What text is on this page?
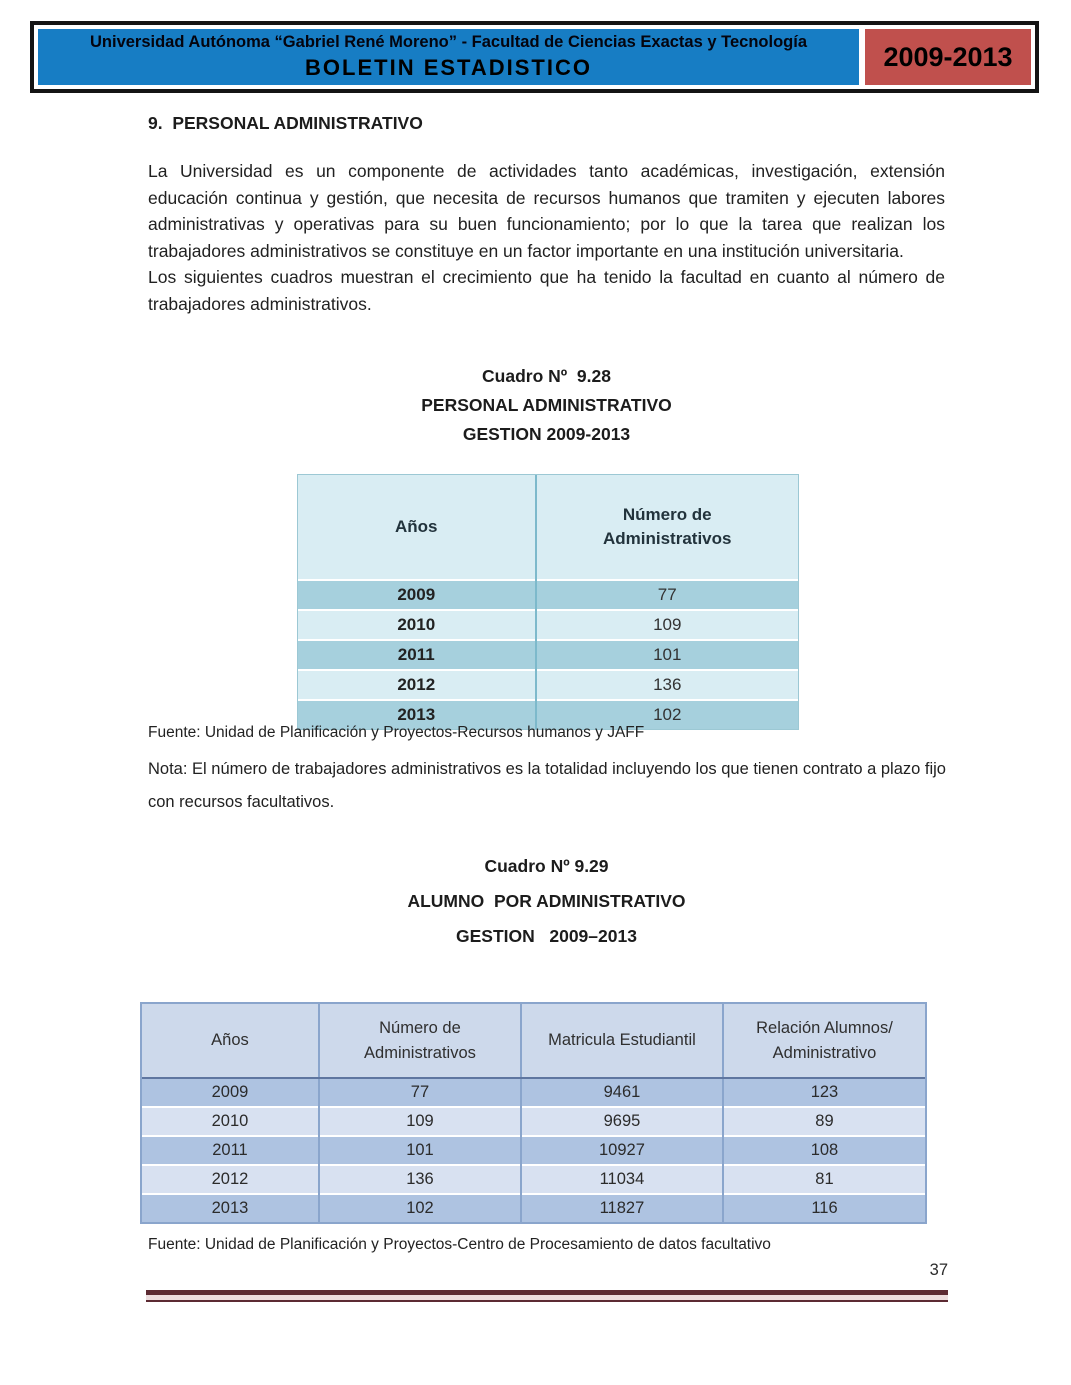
Universidad Autónoma “Gabriel René Moreno” - Facultad de Ciencias Exactas y Tecnología
BOLETIN ESTADISTICO	2009-2013
9.  PERSONAL ADMINISTRATIVO

La Universidad es un componente de actividades tanto académicas, investigación, extensión educación continua y gestión, que necesita de recursos humanos que tramiten y ejecuten labores administrativas y operativas para su buen funcionamiento; por lo que la tarea que realizan los trabajadores administrativos se constituye en un factor importante en una institución universitaria.

Los siguientes cuadros muestran el crecimiento que ha tenido la facultad en cuanto al número de trabajadores administrativos.

Cuadro Nº  9.28
PERSONAL ADMINISTRATIVO
GESTION 2009-2013
Años	Número de Administrativos

2009	77
2010	109
2011	101
2012	136
2013	102
Fuente: Unidad de Planificación y Proyectos-Recursos humanos y JAFF
Nota: El número de trabajadores administrativos es la totalidad incluyendo los que tienen contrato a plazo fijo con recursos facultativos.
Cuadro Nº 9.29
ALUMNO  POR ADMINISTRATIVO
GESTION   2009–2013
Años	Número de Administrativos	Matricula Estudiantil	Relación Alumnos/ Administrativo

2009	77	9461	123
2010	109	9695	89
2011	101	10927	108
2012	136	11034	81
2013	102	11827	116
Fuente: Unidad de Planificación y Proyectos-Centro de Procesamiento de datos facultativo
37
